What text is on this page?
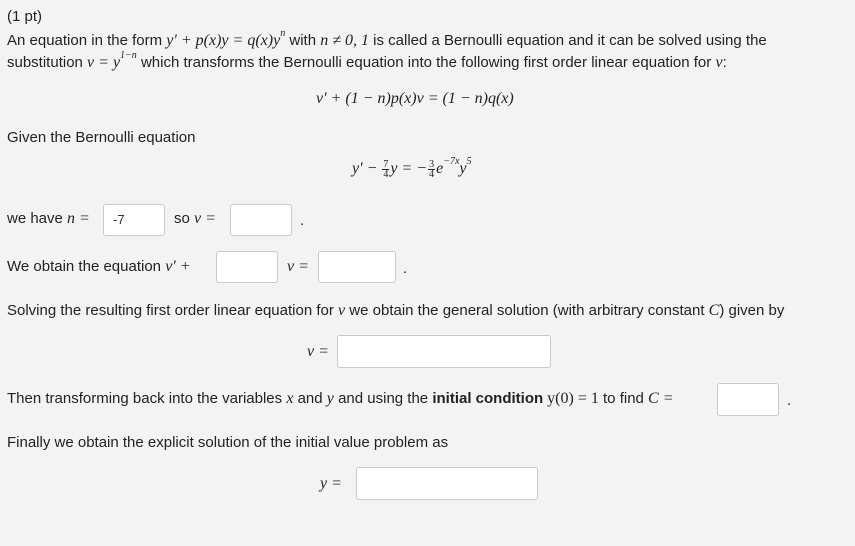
(1 pt)
An equation in the form $y' + p(x)y = q(x)y^n$ with n ≠ 0, 1 is called a Bernoulli equation and it can be solved using the
substitution $v = y^{1-n}$ which transforms the Bernoulli equation into the following first order linear equation for v:
v′ + (1 − n)p(x)v = (1 − n)q(x)
Given the Bernoulli equation
$y' - \frac{7}{4}$ y = − $\frac{3}{4} e^{-7x}y^5$
we have n =	-7	so v =	.
We obtain the equation v′ +	v =	.
Solving the resulting first order linear equation for v we obtain the general solution (with arbitrary constant C) given by
v =
Then transforming back into the variables x and y and using the initial condition y(0) = 1 to find C =	.
Finally we obtain the explicit solution of the initial value problem as
y =
